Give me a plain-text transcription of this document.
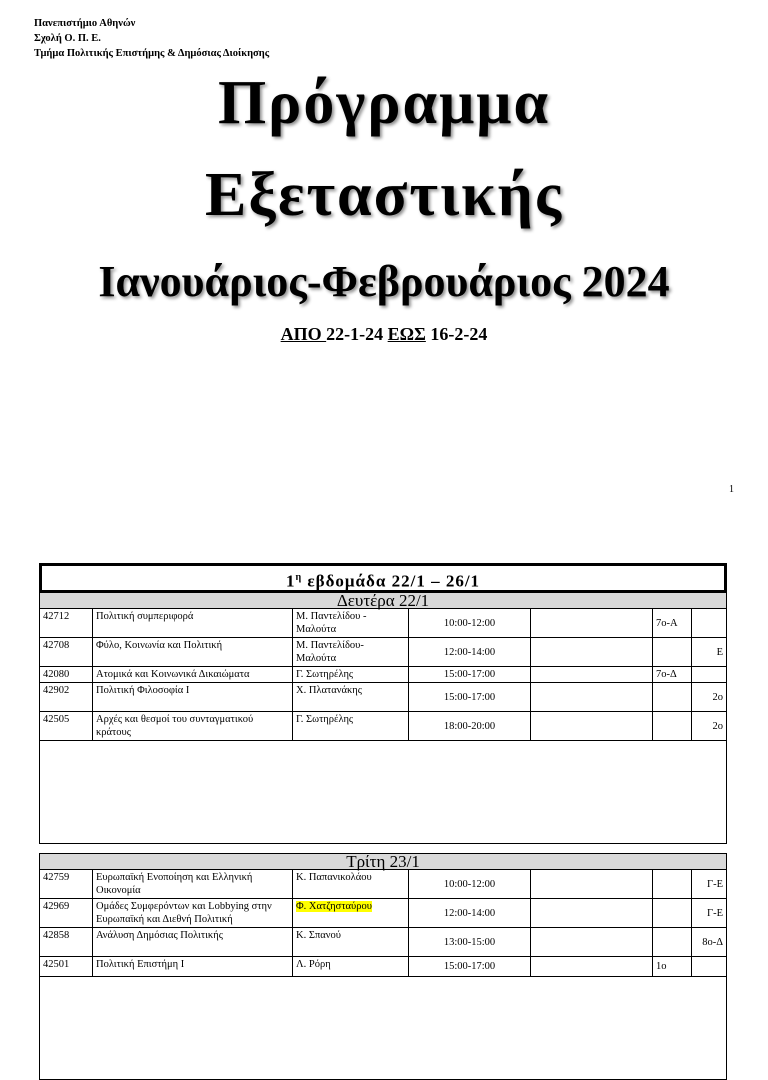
Πανεπιστήμιο Αθηνών
Σχολή Ο. Π. Ε.
Τμήμα Πολιτικής Επιστήμης & Δημόσιας Διοίκησης
Πρόγραμμα
Εξεταστικής
Ιανουάριος-Φεβρουάριος 2024
ΑΠΟ 22-1-24 ΕΩΣ 16-2-24
1
$1^\eta$ εβδομάδα 22/1 – 26/1
Δευτέρα 22/1						
42712	Πολιτική συμπεριφορά	Μ. Παντελίδου - Μαλούτα	10:00-12:00		7ο-Α	
42708	Φύλο, Κοινωνία και Πολιτική	Μ. Παντελίδου- Μαλούτα	12:00-14:00			Ε
42080	Ατομικά και Κοινωνικά Δικαιώματα	Γ. Σωτηρέλης	15:00-17:00		7ο-Δ	
42902	Πολιτική Φιλοσοφία Ι	Χ. Πλατανάκης	15:00-17:00			2ο
42505	Αρχές και θεσμοί του συνταγματικού κράτους	Γ. Σωτηρέλης	18:00-20:00			2ο

Τρίτη 23/1						
42759	Ευρωπαϊκή Ενοποίηση και Ελληνική Οικονομία	Κ. Παπανικολάου	10:00-12:00			Γ-Ε
42969	Ομάδες Συμφερόντων και Lobbying στην Ευρωπαϊκή και Διεθνή Πολιτική	Φ. Χατζησταύρου	12:00-14:00			Γ-Ε
42858	Ανάλυση Δημόσιας Πολιτικής	Κ. Σπανού	13:00-15:00			8ο-Δ
42501	Πολιτική Επιστήμη Ι	Λ. Ρόρη	15:00-17:00		1ο	
